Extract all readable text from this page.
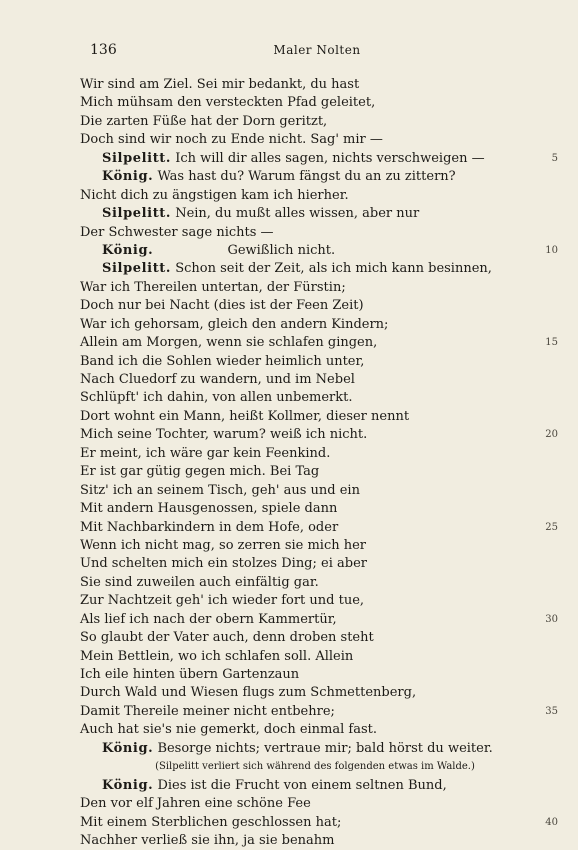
136	Maler Nolten
Wir sind am Ziel. Sei mir bedankt, du hast
Mich mühsam den versteckten Pfad geleitet,
Die zarten Füße hat der Dorn geritzt,
Doch sind wir noch zu Ende nicht. Sag' mir —
Silpelitt. Ich will dir alles sagen, nichts verschweigen —	5
König. Was hast du? Warum fängst du an zu zittern?
Nicht dich zu ängstigen kam ich hierher.
Silpelitt. Nein, du mußt alles wissen, aber nur
Der Schwester sage nichts —
König.	Gewißlich nicht.	10
Silpelitt. Schon seit der Zeit, als ich mich kann besinnen,
War ich Thereilen untertan, der Fürstin;
Doch nur bei Nacht (dies ist der Feen Zeit)
War ich gehorsam, gleich den andern Kindern;
Allein am Morgen, wenn sie schlafen gingen,	15
Band ich die Sohlen wieder heimlich unter,
Nach Cluedorf zu wandern, und im Nebel
Schlüpft' ich dahin, von allen unbemerkt.
Dort wohnt ein Mann, heißt Kollmer, dieser nennt
Mich seine Tochter, warum? weiß ich nicht.	20
Er meint, ich wäre gar kein Feenkind.
Er ist gar gütig gegen mich. Bei Tag
Sitz' ich an seinem Tisch, geh' aus und ein
Mit andern Hausgenossen, spiele dann
Mit Nachbarkindern in dem Hofe, oder	25
Wenn ich nicht mag, so zerren sie mich her
Und schelten mich ein stolzes Ding; ei aber
Sie sind zuweilen auch einfältig gar.
Zur Nachtzeit geh' ich wieder fort und tue,
Als lief ich nach der obern Kammertür,	30
So glaubt der Vater auch, denn droben steht
Mein Bettlein, wo ich schlafen soll. Allein
Ich eile hinten übern Gartenzaun
Durch Wald und Wiesen flugs zum Schmettenberg,
Damit Thereile meiner nicht entbehre;	35
Auch hat sie's nie gemerkt, doch einmal fast.
König. Besorge nichts; vertraue mir; bald hörst du weiter.
(Silpelitt verliert sich während des folgenden etwas im Walde.)
König. Dies ist die Frucht von einem seltnen Bund,
Den vor elf Jahren eine schöne Fee
Mit einem Sterblichen geschlossen hat;	40
Nachher verließ sie ihn, ja sie benahm
